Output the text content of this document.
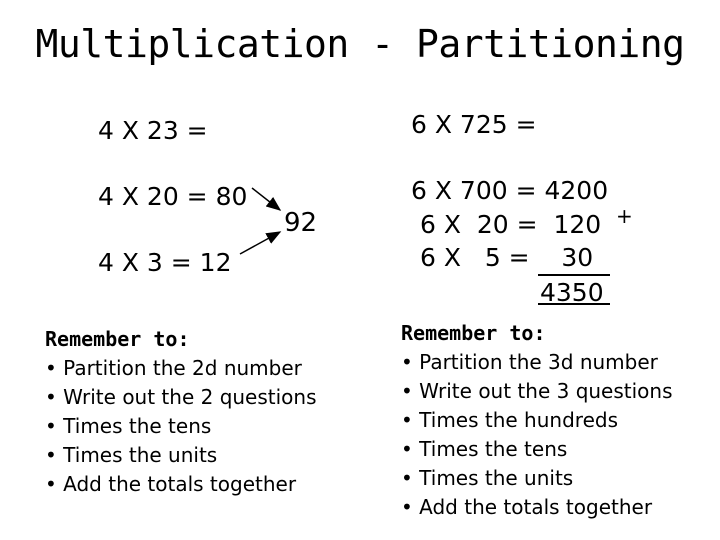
Multiplication - Partitioning
4 X 23 =
4 X 20 = 80
4 X 3 = 12
92
6 X 725 =
6 X 700 = 4200
6 X  20 =  120 +
6 X   5 =    30
4350
Remember to:
• Partition the 2d number
• Write out the 2 questions
• Times the tens
• Times the units
• Add the totals together
Remember to:
• Partition the 3d number
• Write out the 3 questions
• Times the hundreds
• Times the tens
• Times the units
• Add the totals together
